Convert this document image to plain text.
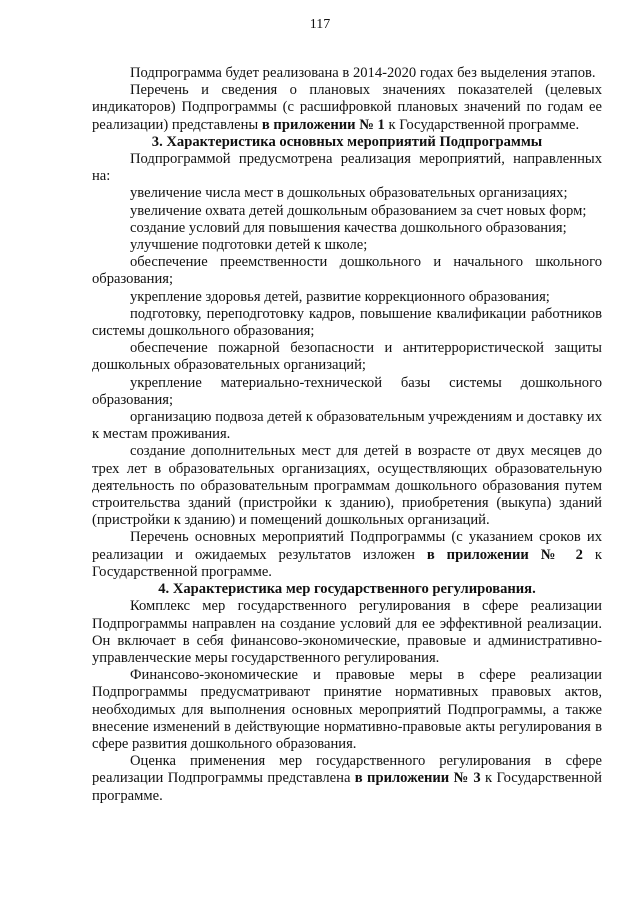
117

Подпрограмма будет реализована в 2014-2020 годах без выделения этапов.

Перечень и сведения о плановых значениях показателей (целевых индикаторов) Подпрограммы (с расшифровкой плановых значений по годам ее реализации) представлены в приложении № 1 к Государственной программе.

3. Характеристика основных мероприятий Подпрограммы

Подпрограммой предусмотрена реализация мероприятий, направленных на:

увеличение числа мест в дошкольных образовательных организациях;

увеличение охвата детей дошкольным образованием за счет новых форм;

создание условий для повышения качества дошкольного образования;

улучшение подготовки детей к школе;

обеспечение преемственности дошкольного и начального школьного образования;

укрепление здоровья детей, развитие коррекционного образования;

подготовку, переподготовку кадров, повышение квалификации работников системы дошкольного образования;

обеспечение пожарной безопасности и антитеррористической защиты дошкольных образовательных организаций;

укрепление материально-технической базы системы дошкольного образования;

организацию подвоза детей к образовательным учреждениям и доставку их к местам проживания.

создание дополнительных мест для детей в возрасте от двух месяцев до трех лет в образовательных организациях, осуществляющих образовательную деятельность по образовательным программам дошкольного образования путем строительства зданий (пристройки к зданию), приобретения (выкупа) зданий (пристройки к зданию) и помещений дошкольных организаций.

Перечень основных мероприятий Подпрограммы (с указанием сроков их реализации и ожидаемых результатов изложен в приложении № 2 к Государственной программе.

4. Характеристика мер государственного регулирования.

Комплекс мер государственного регулирования в сфере реализации Подпрограммы направлен на создание условий для ее эффективной реализации. Он включает в себя финансово-экономические, правовые и административно-управленческие меры государственного регулирования.

Финансово-экономические и правовые меры в сфере реализации Подпрограммы предусматривают принятие нормативных правовых актов, необходимых для выполнения основных мероприятий Подпрограммы, а также внесение изменений в действующие нормативно-правовые акты регулирования в сфере развития дошкольного образования.

Оценка применения мер государственного регулирования в сфере реализации Подпрограммы представлена в приложении № 3 к Государственной программе.
